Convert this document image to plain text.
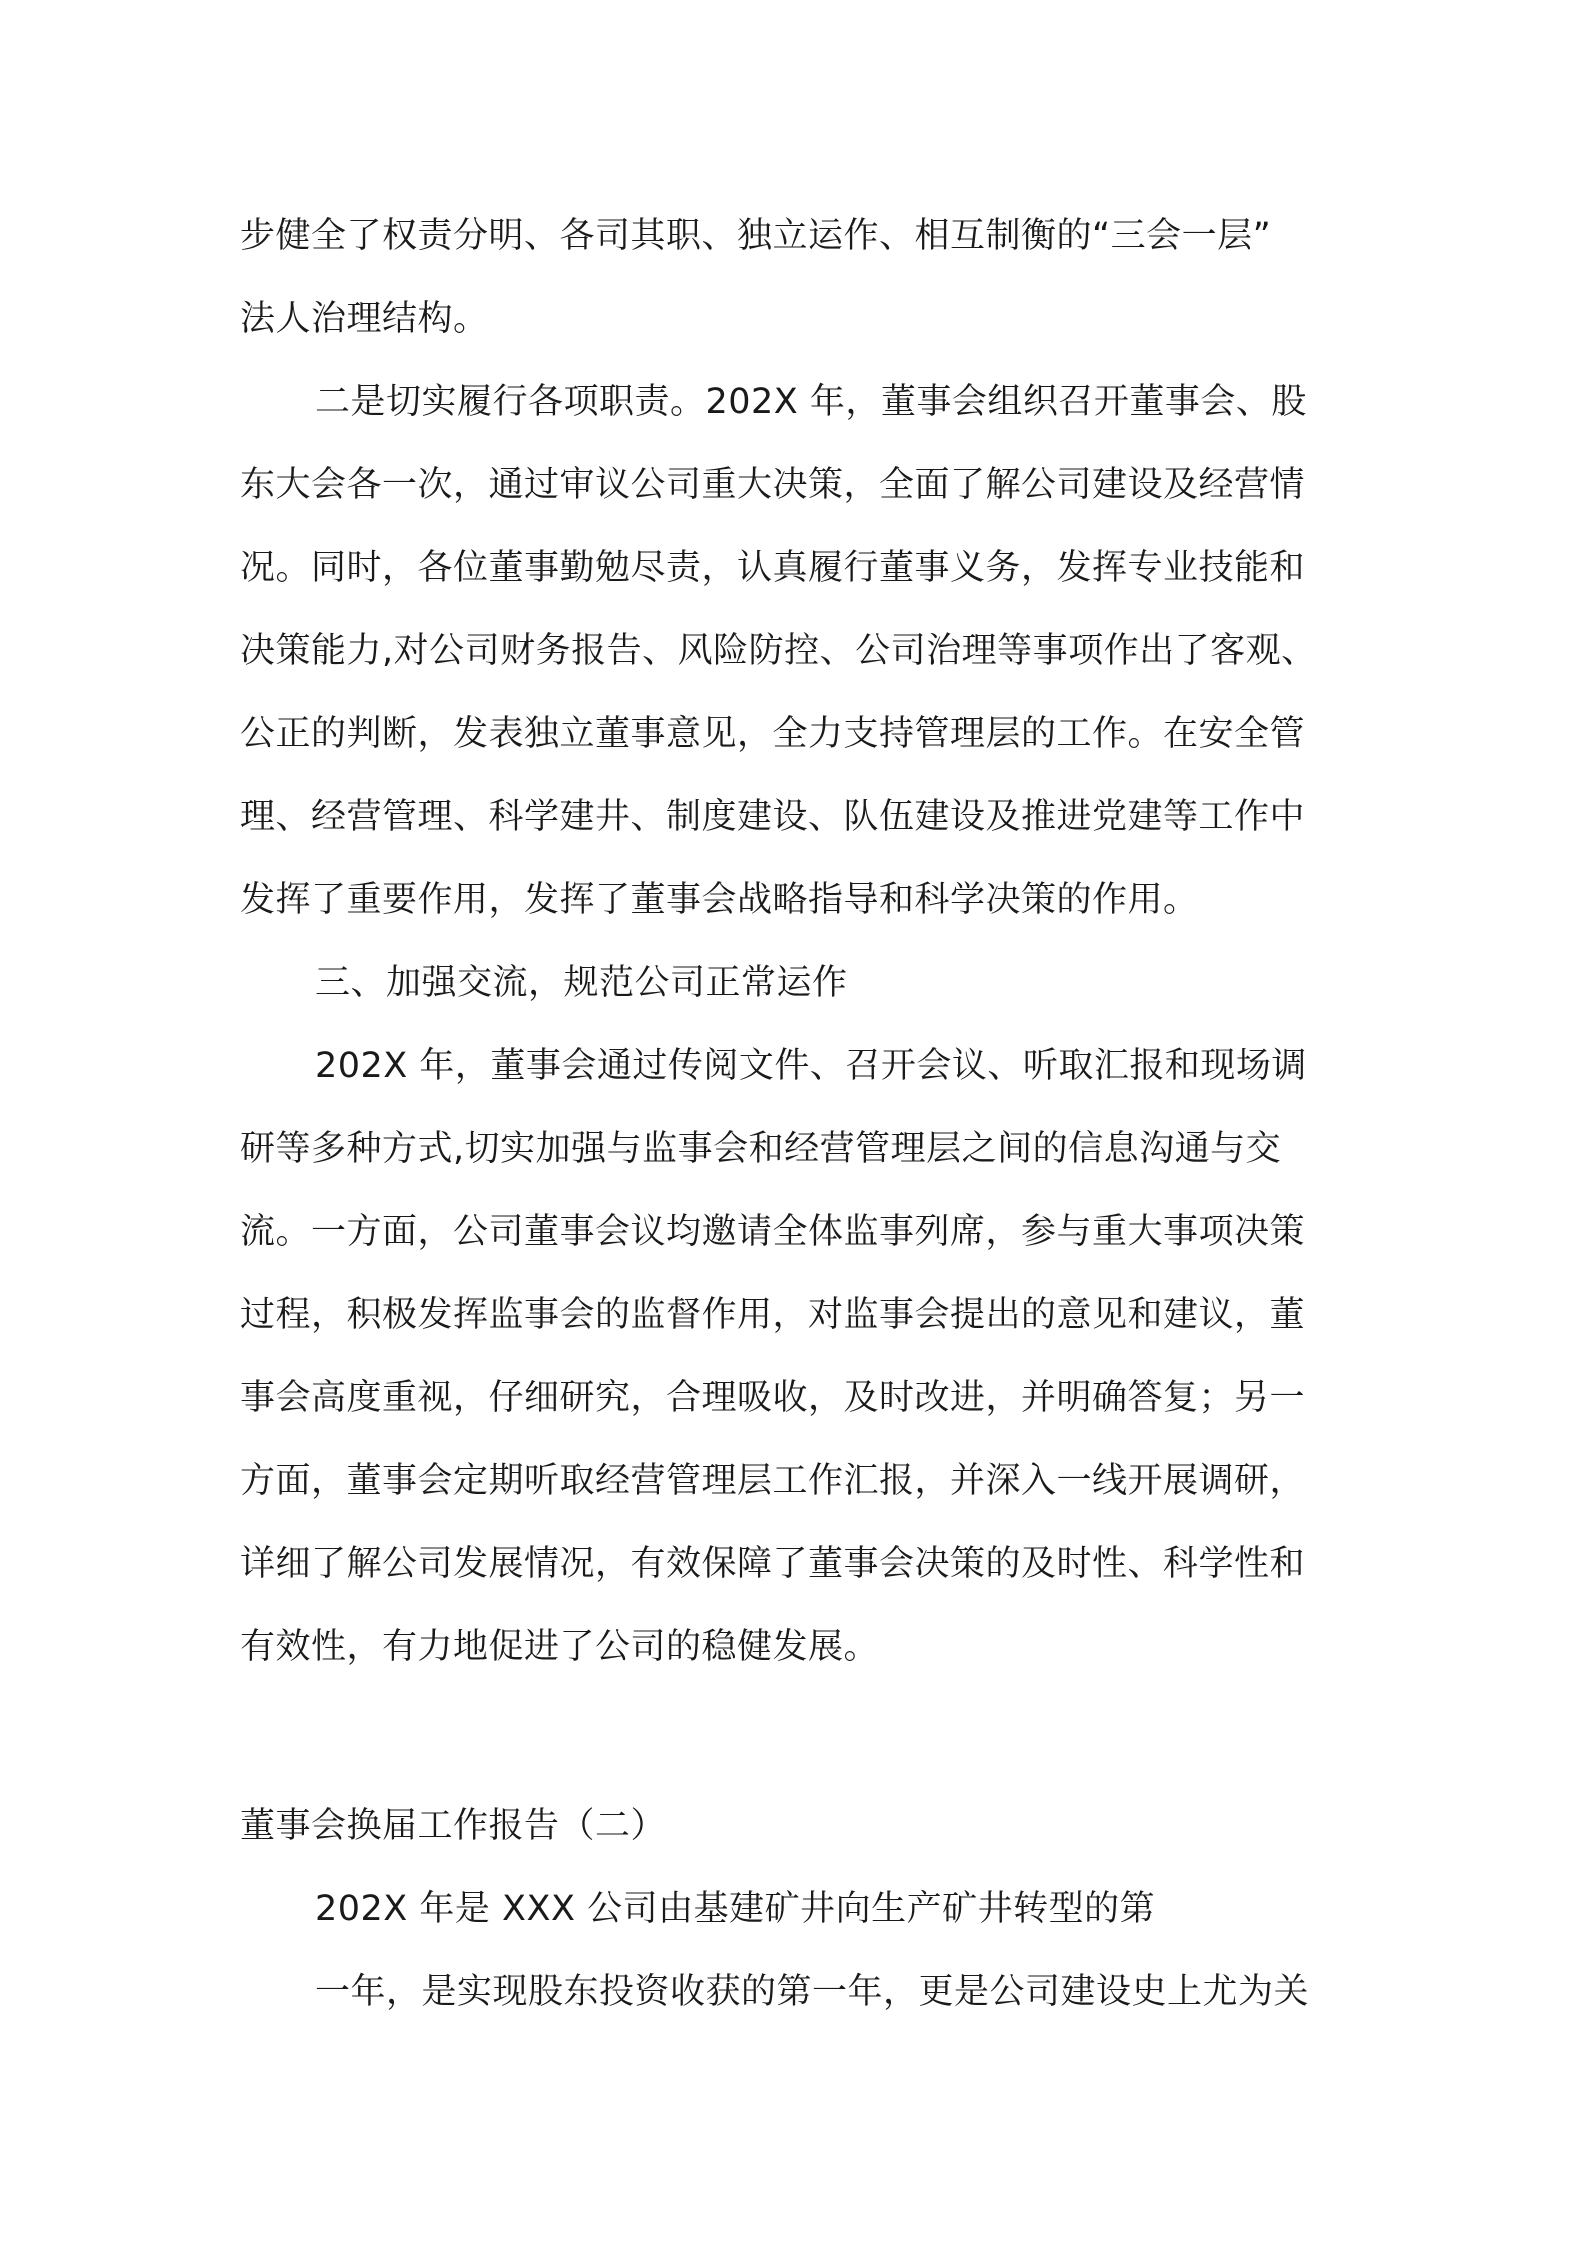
步健全了权责分明、各司其职、独立运作、相互制衡的“三会一层”
法人治理结构。
二是切实履行各项职责。202X 年，董事会组织召开董事会、股
东大会各一次，通过审议公司重大决策，全面了解公司建设及经营情
况。同时，各位董事勤勉尽责，认真履行董事义务，发挥专业技能和
决策能力,对公司财务报告、风险防控、公司治理等事项作出了客观、
公正的判断，发表独立董事意见，全力支持管理层的工作。在安全管
理、经营管理、科学建井、制度建设、队伍建设及推进党建等工作中
发挥了重要作用，发挥了董事会战略指导和科学决策的作用。
三、加强交流，规范公司正常运作
202X 年，董事会通过传阅文件、召开会议、听取汇报和现场调
研等多种方式,切实加强与监事会和经营管理层之间的信息沟通与交
流。一方面，公司董事会议均邀请全体监事列席，参与重大事项决策
过程，积极发挥监事会的监督作用，对监事会提出的意见和建议，董
事会高度重视，仔细研究，合理吸收，及时改进，并明确答复；另一
方面，董事会定期听取经营管理层工作汇报，并深入一线开展调研，
详细了解公司发展情况，有效保障了董事会决策的及时性、科学性和
有效性，有力地促进了公司的稳健发展。
董事会换届工作报告（二）
202X 年是 XXX 公司由基建矿井向生产矿井转型的第
一年，是实现股东投资收获的第一年，更是公司建设史上尤为关
